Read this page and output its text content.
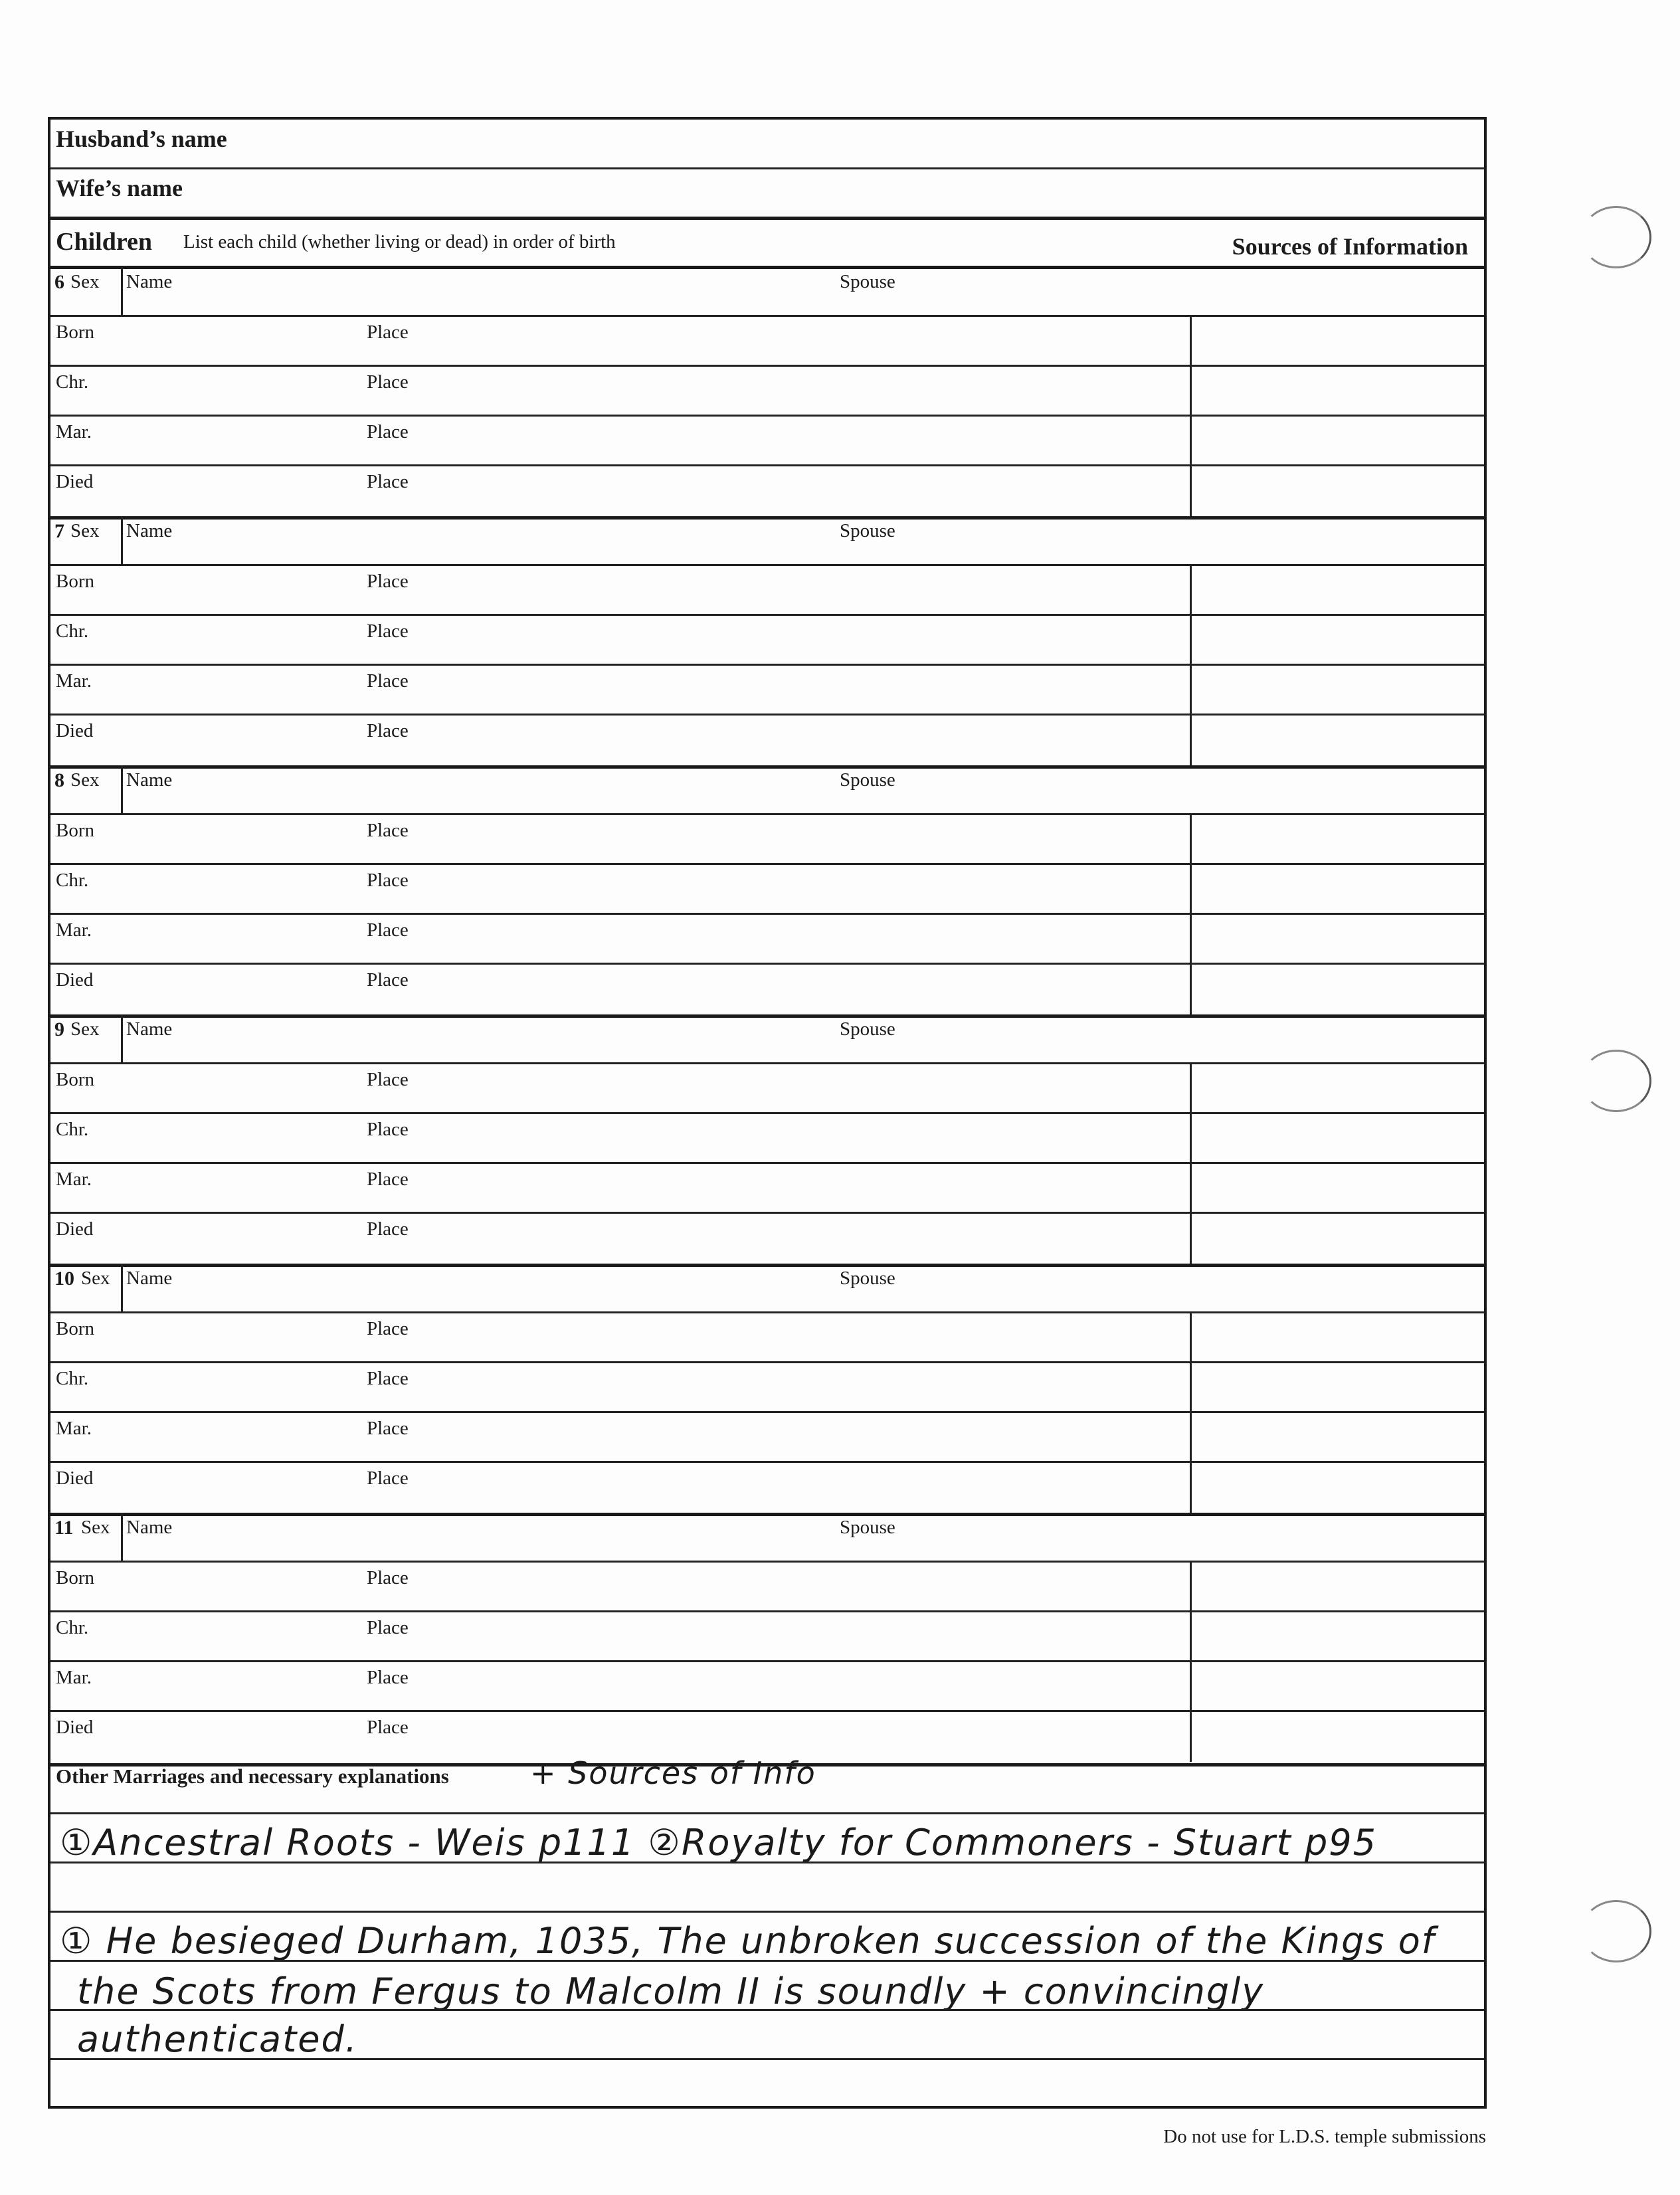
Husband’s name
Wife’s name
Children List each child (whether living or dead) in order of birth	Sources of Information
6 Sex Name	Spouse
Born	Place
Chr.	Place
Mar.	Place
Died	Place
7 Sex Name	Spouse
Born	Place
Chr.	Place
Mar.	Place
Died	Place
8 Sex Name	Spouse
Born	Place
Chr.	Place
Mar.	Place
Died	Place
9 Sex Name	Spouse
Born	Place
Chr.	Place
Mar.	Place
Died	Place
10 Sex Name	Spouse
Born	Place
Chr.	Place
Mar.	Place
Died	Place
11 Sex Name	Spouse
Born	Place
Chr.	Place
Mar.	Place
Died	Place
Other Marriages and necessary explanations	+ Sources of Info
①Ancestral Roots - Weis p111 ②Royalty for Commoners - Stuart p95
① He besieged Durham, 1035, The unbroken succession of the Kings of
the Scots from Fergus to Malcolm II is soundly + convincingly
authenticated.
Do not use for L.D.S. temple submissions
